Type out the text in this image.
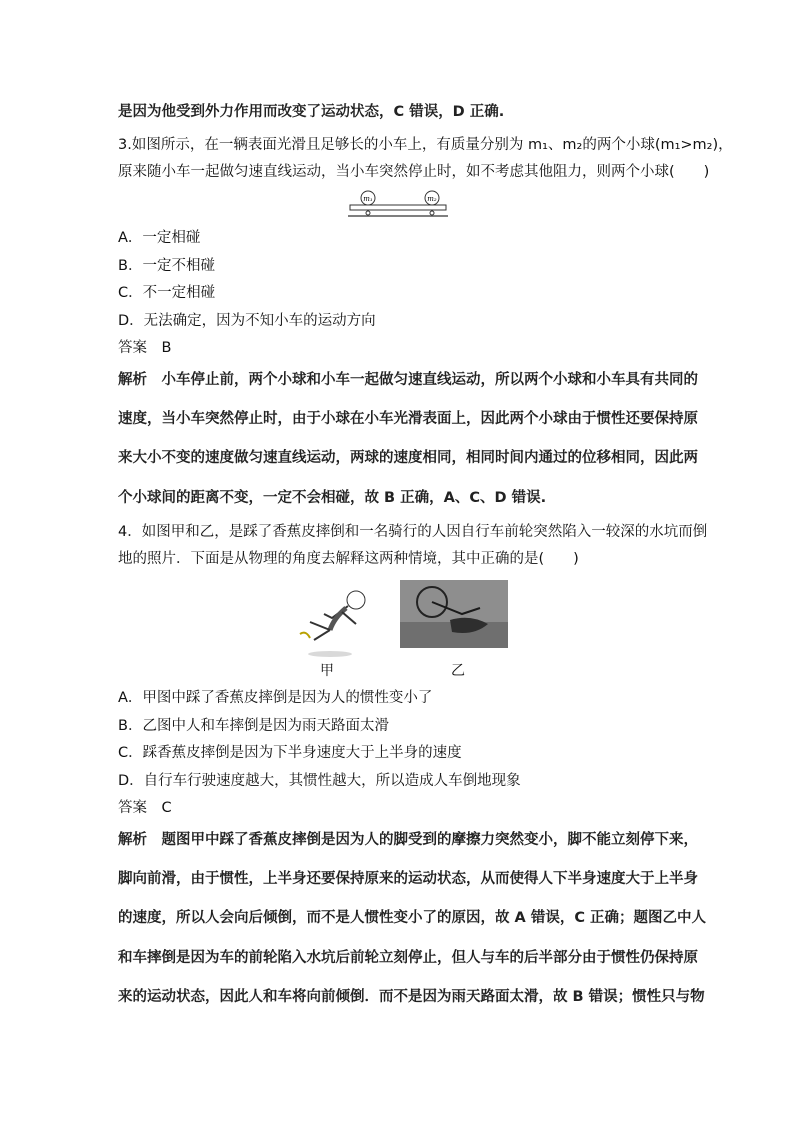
是因为他受到外力作用而改变了运动状态，C 错误，D 正确.
3.如图所示，在一辆表面光滑且足够长的小车上，有质量分别为 m₁、m₂的两个小球(m₁>m₂)，
原来随小车一起做匀速直线运动，当小车突然停止时，如不考虑其他阻力，则两个小球(　　)
m₁	m₂
A．一定相碰
B．一定不相碰
C．不一定相碰
D．无法确定，因为不知小车的运动方向
答案　B
解析　小车停止前，两个小球和小车一起做匀速直线运动，所以两个小球和小车具有共同的
速度，当小车突然停止时，由于小球在小车光滑表面上，因此两个小球由于惯性还要保持原
来大小不变的速度做匀速直线运动，两球的速度相同，相同时间内通过的位移相同，因此两
个小球间的距离不变，一定不会相碰，故 B 正确，A、C、D 错误.
4．如图甲和乙，是踩了香蕉皮摔倒和一名骑行的人因自行车前轮突然陷入一较深的水坑而倒
地的照片．下面是从物理的角度去解释这两种情境，其中正确的是(　　)
甲	乙
A．甲图中踩了香蕉皮摔倒是因为人的惯性变小了
B．乙图中人和车摔倒是因为雨天路面太滑
C．踩香蕉皮摔倒是因为下半身速度大于上半身的速度
D．自行车行驶速度越大，其惯性越大，所以造成人车倒地现象
答案　C
解析　题图甲中踩了香蕉皮摔倒是因为人的脚受到的摩擦力突然变小，脚不能立刻停下来，
脚向前滑，由于惯性，上半身还要保持原来的运动状态，从而使得人下半身速度大于上半身
的速度，所以人会向后倾倒，而不是人惯性变小了的原因，故 A 错误，C 正确；题图乙中人
和车摔倒是因为车的前轮陷入水坑后前轮立刻停止，但人与车的后半部分由于惯性仍保持原
来的运动状态，因此人和车将向前倾倒．而不是因为雨天路面太滑，故 B 错误；惯性只与物
